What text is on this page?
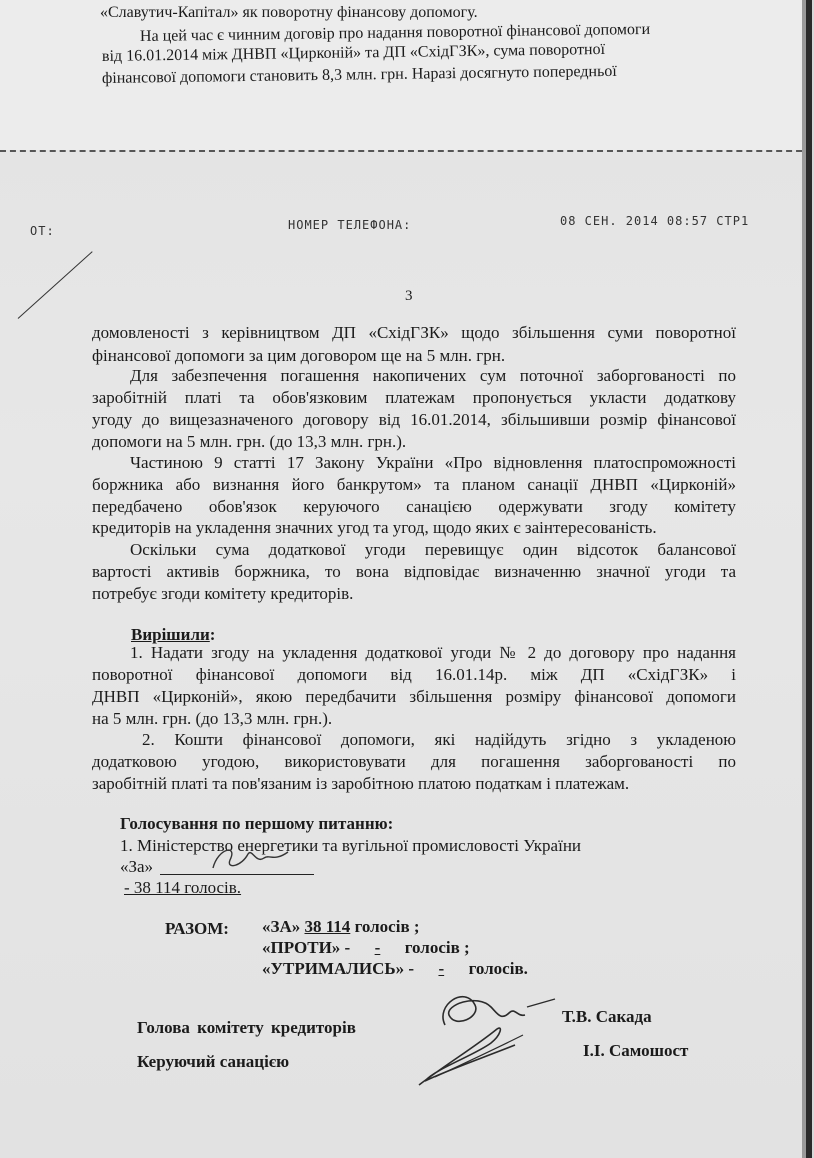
«Славутич-Капітал» як поворотну фінансову допомогу.

На цей час є чинним договір про надання поворотної фінансової допомоги

від 16.01.2014 між ДНВП «Цирконій» та ДП «СхідГЗК», сума поворотної

фінансової допомоги становить 8,3 млн. грн. Наразі досягнуто попередньої

ОТ:	НОМЕР ТЕЛЕФОНА:	08 СЕН. 2014 08:57 СТР1
3

домовленості з керівництвом ДП «СхідГЗК» щодо збільшення суми поворотної

фінансової допомоги за цим договором ще на 5 млн. грн.

Для забезпечення погашення накопичених сум поточної заборгованості по

заробітній платі та обов'язковим платежам пропонується укласти додаткову

угоду до вищезазначеного договору від 16.01.2014, збільшивши розмір фінансової

допомоги на 5 млн. грн. (до 13,3 млн. грн.).

Частиною 9 статті 17 Закону України «Про відновлення платоспроможності

боржника або визнання його банкрутом» та планом санації ДНВП «Цирконій»

передбачено обов'язок керуючого санацією одержувати згоду комітету

кредиторів на укладення значних угод та угод, щодо яких є заінтересованість.

Оскільки сума додаткової угоди перевищує один відсоток балансової

вартості активів боржника, то вона відповідає визначенню значної угоди та

потребує згоди комітету кредиторів.

Вирішили:

1. Надати згоду на укладення додаткової угоди № 2 до договору про надання

поворотної фінансової допомоги від 16.01.14р. між ДП «СхідГЗК» і

ДНВП «Цирконій», якою передбачити збільшення розміру фінансової допомоги

на 5 млн. грн. (до 13,3 млн. грн.).

2. Кошти фінансової допомоги, які надійдуть згідно з укладеною

додатковою угодою, використовувати для погашення заборгованості по

заробітній платі та пов'язаним із заробітною платою податкам і платежам.

Голосування по першому питанню:

1. Міністерство енергетики та вугільної промисловості України

«За»

- 38 114 голосів.

РАЗОМ: «ЗА» 38 114 голосів ;

«ПРОТИ» - - голосів ;

«УТРИМАЛИСЬ» - - голосів.

Голова комітету кредиторів

Т.В. Сакада

Керуючий санацією

І.І. Самошост
